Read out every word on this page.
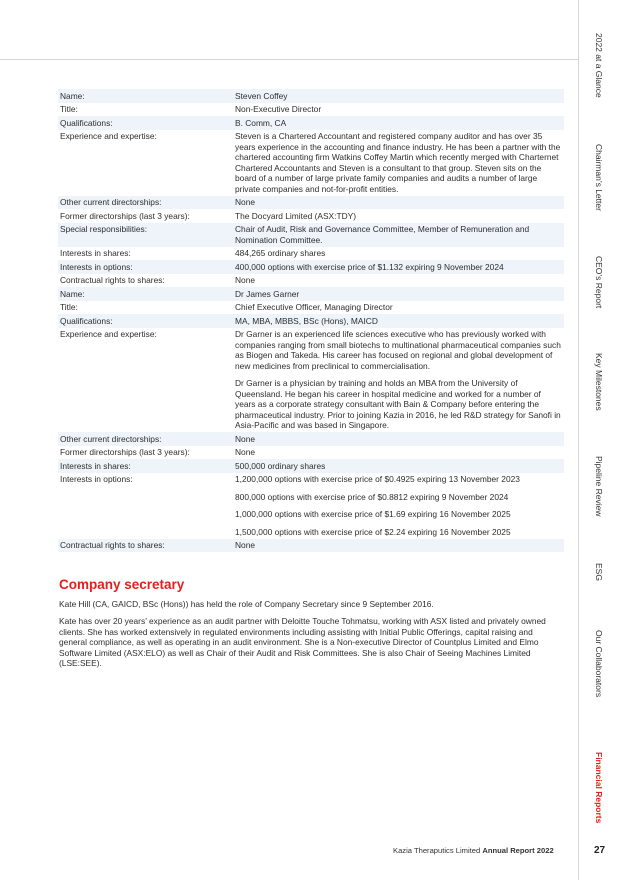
2022 at a Glance
Chairman’s Letter
CEO’s Report
Key Milestones
Pipeline Review
ESG
Our Collaborators
Financial Reports
Name:	Steven Coffey

Title:	Non-Executive Director

Qualifications:	B. Comm, CA

Experience and expertise:	Steven is a Chartered Accountant and registered company auditor and has over 35 years experience in the accounting and finance industry. He has been a partner with the chartered accounting firm Watkins Coffey Martin which recently merged with Charternet Chartered Accountants and Steven is a consultant to that group. Steven sits on the board of a number of large private family companies and audits a number of large private companies and not-for-profit entities.

Other current directorships:	None

Former directorships (last 3 years):	The Docyard Limited (ASX:TDY)

Special responsibilities:	Chair of Audit, Risk and Governance Committee, Member of Remuneration and Nomination Committee.

Interests in shares:	484,265 ordinary shares

Interests in options:	400,000 options with exercise price of $1.132 expiring 9 November 2024

Contractual rights to shares:	None

Name:	Dr James Garner

Title:	Chief Executive Officer, Managing Director

Qualifications:	MA, MBA, MBBS, BSc (Hons), MAICD

Experience and expertise:	Dr Garner is an experienced life sciences executive who has previously worked with companies ranging from small biotechs to multinational pharmaceutical companies such as Biogen and Takeda. His career has focused on regional and global development of new medicines from preclinical to commercialisation.

Dr Garner is a physician by training and holds an MBA from the University of Queensland. He began his career in hospital medicine and worked for a number of years as a corporate strategy consultant with Bain & Company before entering the pharmaceutical industry. Prior to joining Kazia in 2016, he led R&D strategy for Sanofi in Asia-Pacific and was based in Singapore.

Other current directorships:	None

Former directorships (last 3 years):	None

Interests in shares:	500,000 ordinary shares

Interests in options:	1,200,000 options with exercise price of $0.4925 expiring 13 November 2023

800,000 options with exercise price of $0.8812 expiring 9 November 2024

1,000,000 options with exercise price of $1.69 expiring 16 November 2025

1,500,000 options with exercise price of $2.24 expiring 16 November 2025

Contractual rights to shares:	None

Company secretary

Kate Hill (CA, GAICD, BSc (Hons)) has held the role of Company Secretary since 9 September 2016.

Kate has over 20 years’ experience as an audit partner with Deloitte Touche Tohmatsu, working with ASX listed and privately owned clients. She has worked extensively in regulated environments including assisting with Initial Public Offerings, capital raising and general compliance, as well as operating in an audit environment. She is a Non-executive Director of Countplus Limited and Elmo Software Limited (ASX:ELO) as well as Chair of their Audit and Risk Committees. She is also Chair of Seeing Machines Limited (LSE:SEE).

Kazia Theraputics Limited Annual Report 2022	27
